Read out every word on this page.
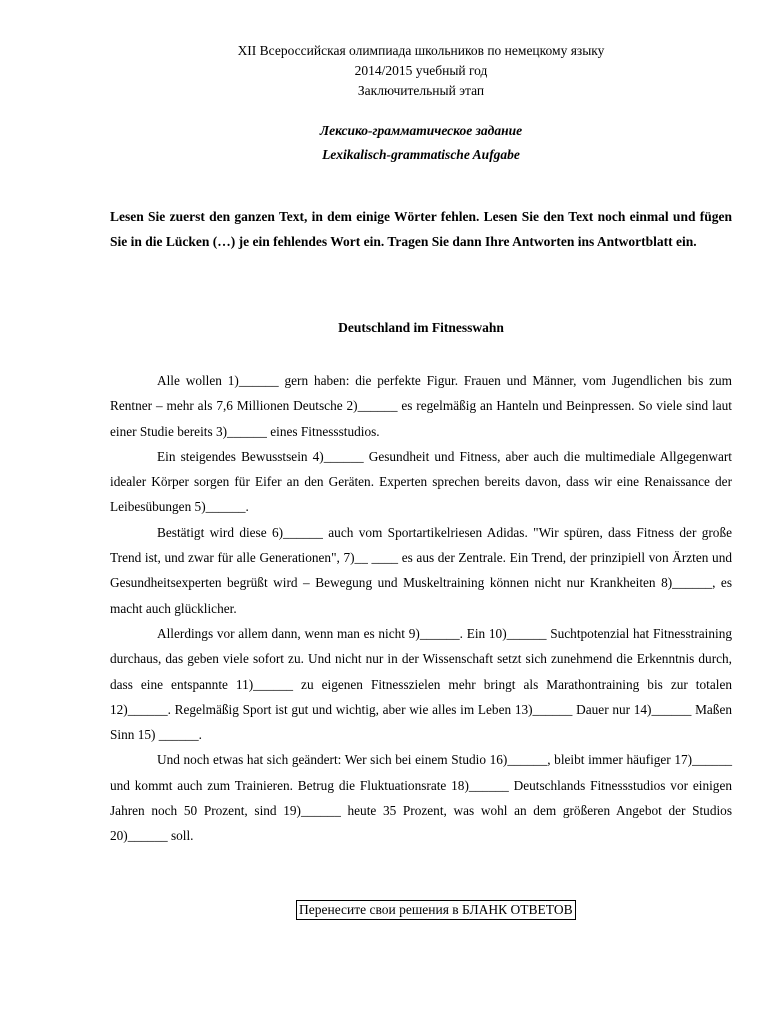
XII Всероссийская олимпиада школьников по немецкому языку
2014/2015 учебный год
Заключительный этап
Лексико-грамматическое задание
Lexikalisch-grammatische Aufgabe
Lesen Sie zuerst den ganzen Text, in dem einige Wörter fehlen. Lesen Sie den Text noch einmal und fügen Sie in die Lücken (…) je ein fehlendes Wort ein. Tragen Sie dann Ihre Antworten ins Antwortblatt ein.
Deutschland im Fitnesswahn

Alle wollen 1)______ gern haben: die perfekte Figur. Frauen und Männer, vom Jugendlichen bis zum Rentner – mehr als 7,6 Millionen Deutsche 2)______ es regelmäßig an Hanteln und Beinpressen. So viele sind laut einer Studie bereits 3)______ eines Fitnessstudios.

Ein steigendes Bewusstsein 4)______ Gesundheit und Fitness, aber auch die multimediale Allgegenwart idealer Körper sorgen für Eifer an den Geräten. Experten sprechen bereits davon, dass wir eine Renaissance der Leibesübungen 5)______.

Bestätigt wird diese 6)______ auch vom Sportartikelriesen Adidas. "Wir spüren, dass Fitness der große Trend ist, und zwar für alle Generationen", 7)__ ____ es aus der Zentrale. Ein Trend, der prinzipiell von Ärzten und Gesundheitsexperten begrüßt wird – Bewegung und Muskeltraining können nicht nur Krankheiten 8)______, es macht auch glücklicher.

Allerdings vor allem dann, wenn man es nicht 9)______. Ein 10)______ Suchtpotenzial hat Fitnesstraining durchaus, das geben viele sofort zu. Und nicht nur in der Wissenschaft setzt sich zunehmend die Erkenntnis durch, dass eine entspannte 11)______ zu eigenen Fitnesszielen mehr bringt als Marathontraining bis zur totalen 12)______. Regelmäßig Sport ist gut und wichtig, aber wie alles im Leben 13)______ Dauer nur 14)______ Maßen Sinn 15) ______.

Und noch etwas hat sich geändert: Wer sich bei einem Studio 16)______, bleibt immer häufiger 17)______ und kommt auch zum Trainieren. Betrug die Fluktuationsrate 18)______ Deutschlands Fitnessstudios vor einigen Jahren noch 50 Prozent, sind 19)______ heute 35 Prozent, was wohl an dem größeren Angebot der Studios 20)______ soll.

Перенесите свои решения в БЛАНК ОТВЕТОВ
